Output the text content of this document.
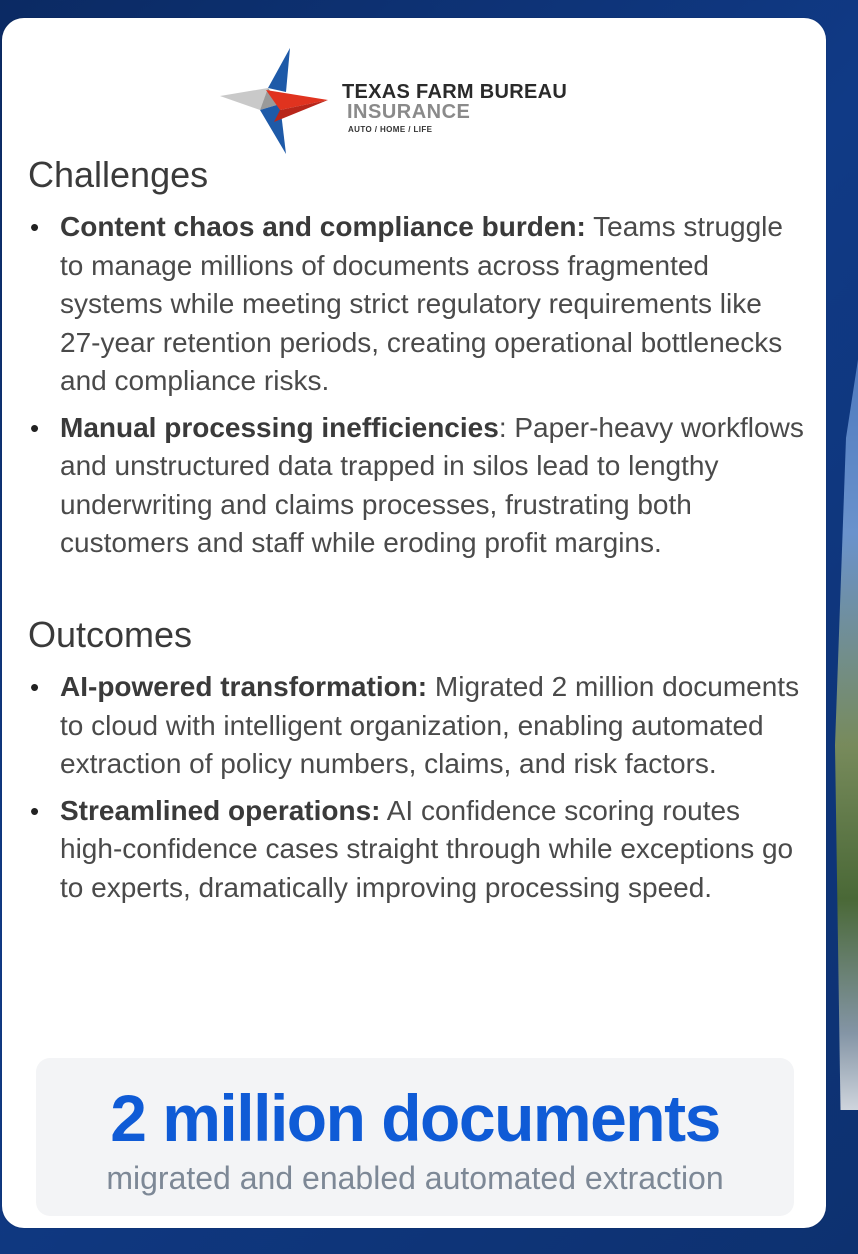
TEXAS FARM BUREAU
INSURANCE
AUTO / HOME / LIFE
Challenges
• Content chaos and compliance burden: Teams struggle to manage millions of documents across fragmented systems while meeting strict regulatory requirements like 27-year retention periods, creating operational bottlenecks and compliance risks.
• Manual processing inefficiencies: Paper-heavy workflows and unstructured data trapped in silos lead to lengthy underwriting and claims processes, frustrating both customers and staff while eroding profit margins.
Outcomes
• AI-powered transformation: Migrated 2 million documents to cloud with intelligent organization, enabling automated extraction of policy numbers, claims, and risk factors.
• Streamlined operations: AI confidence scoring routes high-confidence cases straight through while exceptions go to experts, dramatically improving processing speed.
2 million documents
migrated and enabled automated extraction
